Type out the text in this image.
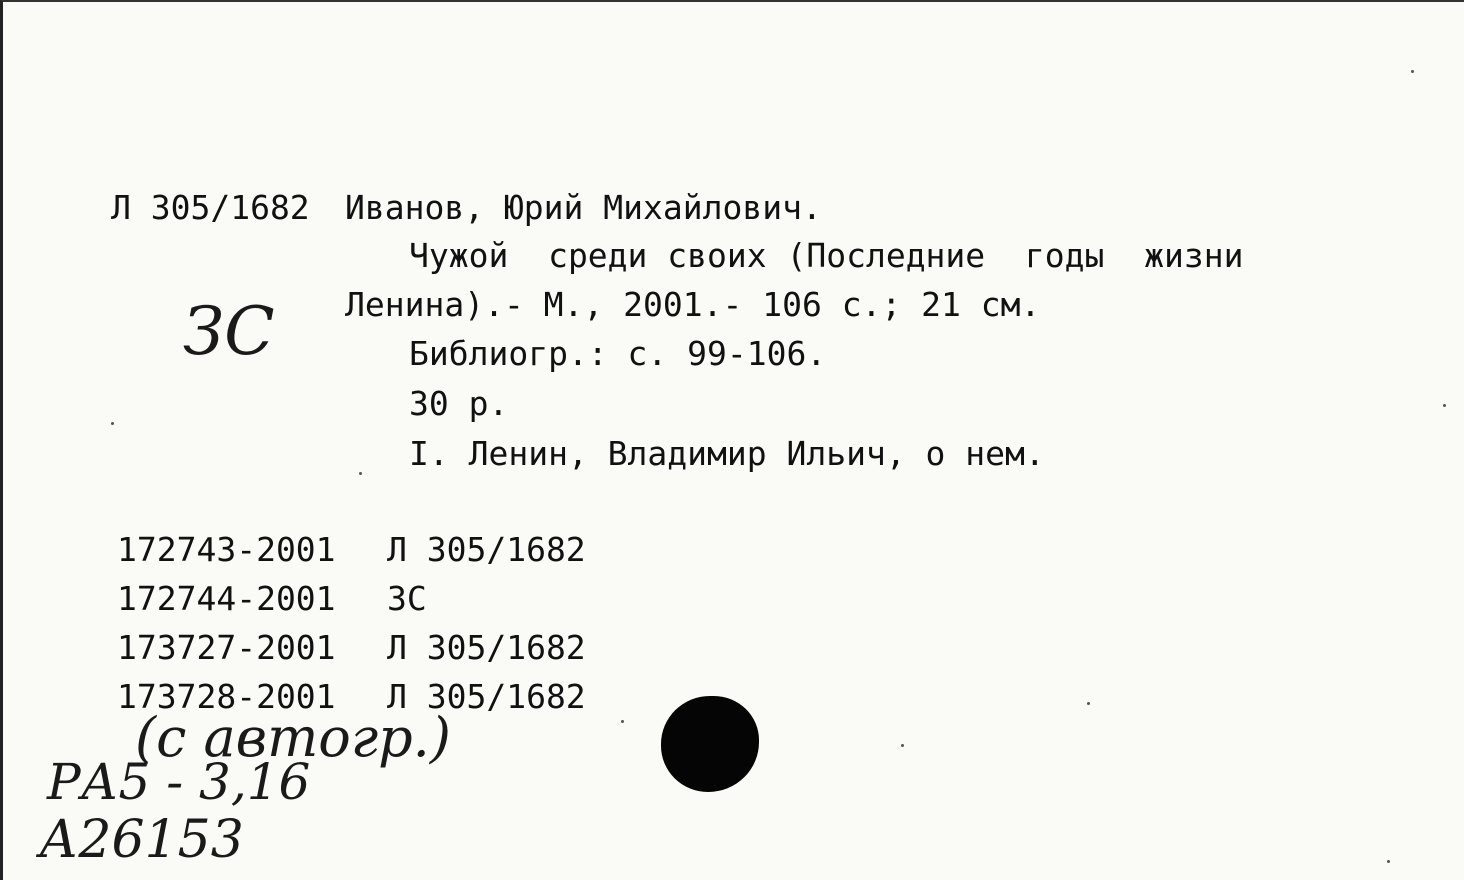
Л 305/1682 Иванов, Юрий Михайлович.
Чужой  среди своих (Последние  годы  жизни
Ленина).- М., 2001.- 106 с.; 21 см.
Библиогр.: с. 99-106.
30 р.
I. Ленин, Владимир Ильич, о нем.
172743-2001 Л 305/1682
172744-2001 ЗС
173727-2001 Л 305/1682
173728-2001 Л 305/1682
ЗС
(с автогр.)
РА5 - 3,16
А26153
